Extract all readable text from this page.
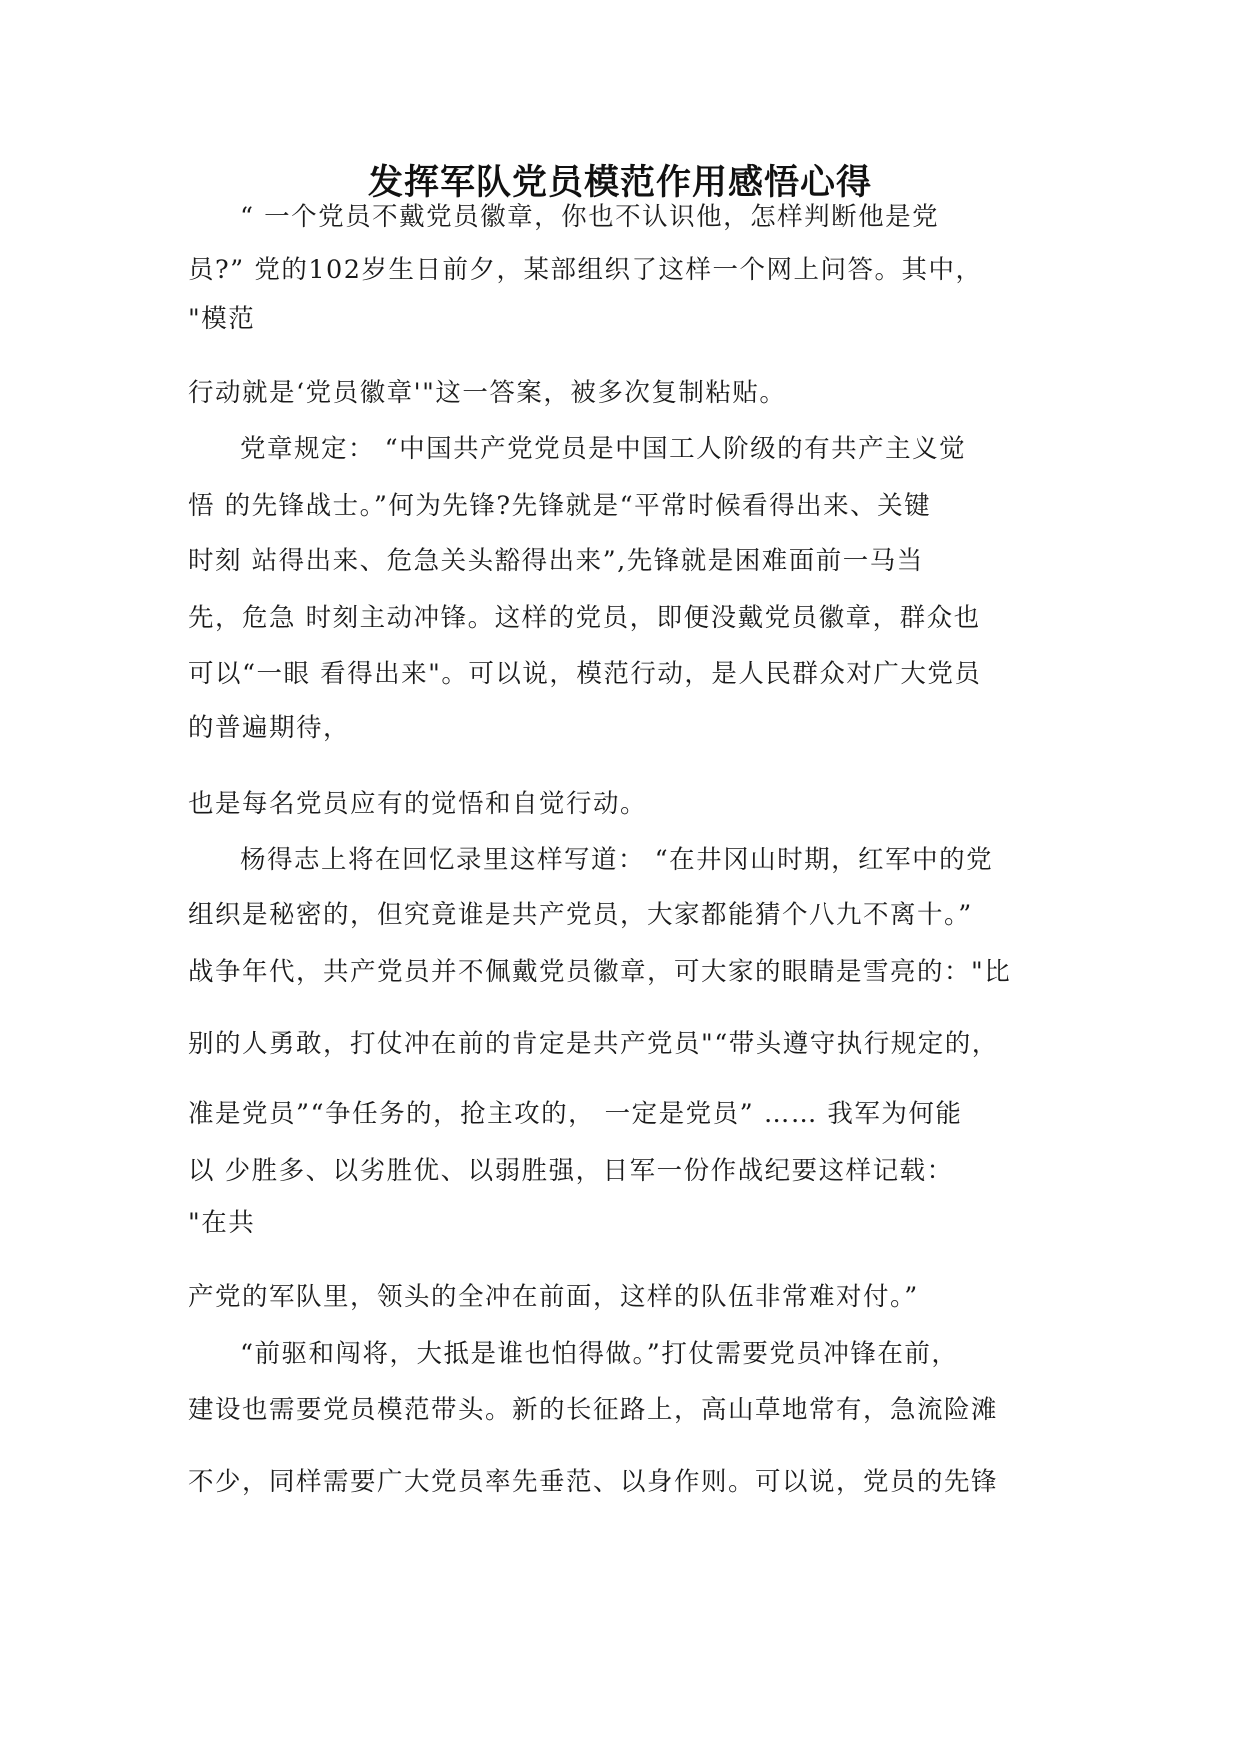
发挥军队党员模范作用感悟心得
“ 一个党员不戴党员徽章，你也不认识他，怎样判断他是党
员?” 党的102岁生日前夕，某部组织了这样一个网上问答。其中，
"模范
行动就是‘党员徽章'"这一答案，被多次复制粘贴。
党章规定： “中国共产党党员是中国工人阶级的有共产主义觉
悟 的先锋战士。”何为先锋?先锋就是“平常时候看得出来、关键
时刻 站得出来、危急关头豁得出来”,先锋就是困难面前一马当
先，危急 时刻主动冲锋。这样的党员，即便没戴党员徽章，群众也
可以“一眼 看得出来"。可以说，模范行动，是人民群众对广大党员
的普遍期待，
也是每名党员应有的觉悟和自觉行动。
杨得志上将在回忆录里这样写道： “在井冈山时期，红军中的党
组织是秘密的，但究竟谁是共产党员，大家都能猜个八九不离十。”
战争年代，共产党员并不佩戴党员徽章，可大家的眼睛是雪亮的："比
别的人勇敢，打仗冲在前的肯定是共产党员"“带头遵守执行规定的，
准是党员”“争任务的，抢主攻的， 一定是党员” …… 我军为何能
以 少胜多、以劣胜优、以弱胜强，日军一份作战纪要这样记载：
"在共
产党的军队里，领头的全冲在前面，这样的队伍非常难对付。”
“前驱和闯将，大抵是谁也怕得做。”打仗需要党员冲锋在前，
建设也需要党员模范带头。新的长征路上，高山草地常有，急流险滩
不少，同样需要广大党员率先垂范、以身作则。可以说，党员的先锋
